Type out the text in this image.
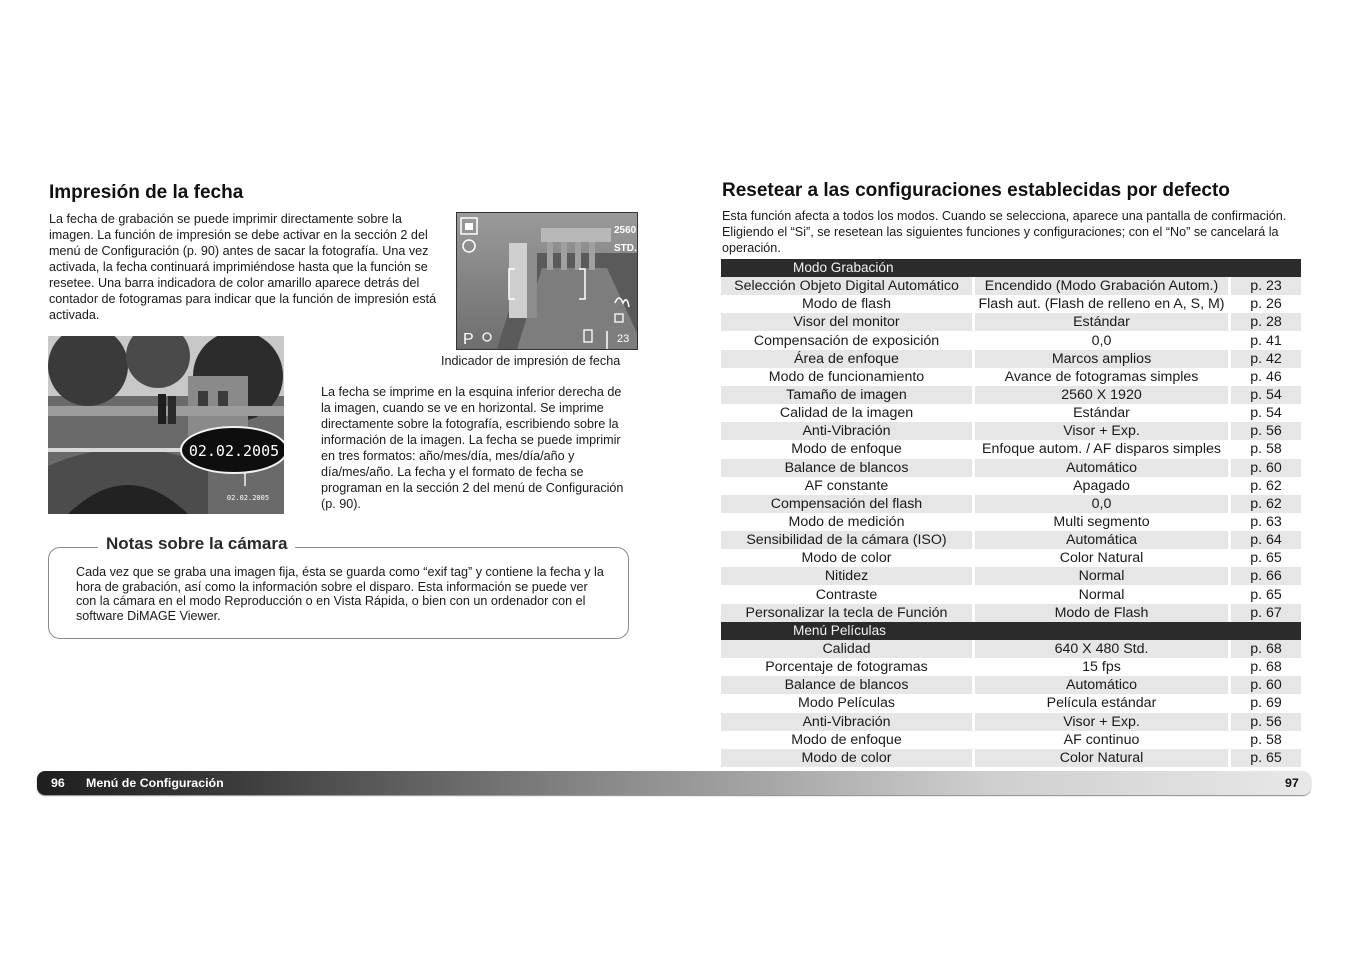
Impresión de la fecha

La fecha de grabación se puede imprimir directamente sobre la imagen. La función de impresión se debe activar en la sección 2 del menú de Configuración (p. 90) antes de sacar la fotografía. Una vez activada, la fecha continuará imprimiéndose hasta que la función se resetee. Una barra indicadora de color amarillo aparece detrás del contador de fotogramas para indicar que la función de impresión está activada.

2560
STD.
P	23
Indicador de impresión de fecha
02.02.2005
02.02.2005

La fecha se imprime en la esquina inferior derecha de la imagen, cuando se ve en horizontal. Se imprime directamente sobre la fotografía, escribiendo sobre la información de la imagen. La fecha se puede imprimir en tres formatos: año/mes/día, mes/día/año y día/mes/año. La fecha y el formato de fecha se programan en la sección 2 del menú de Configuración (p. 90).

Notas sobre la cámara

Cada vez que se graba una imagen fija, ésta se guarda como “exif tag” y contiene la fecha y la hora de grabación, así como la información sobre el disparo. Esta información se puede ver con la cámara en el modo Reproducción o en Vista Rápida, o bien con un ordenador con el software DiMAGE Viewer.

Resetear a las configuraciones establecidas por defecto

Esta función afecta a todos los modos. Cuando se selecciona, aparece una pantalla de confirmación. Eligiendo el “Si”, se resetean las siguientes funciones y configuraciones; con el “No” se cancelará la operación.

Modo Grabación
Selección Objeto Digital Automático	Encendido (Modo Grabación Autom.)	p. 23
Modo de flash	Flash aut. (Flash de relleno en A, S, M)	p. 26
Visor del monitor	Estándar	p. 28
Compensación de exposición	0,0	p. 41
Área de enfoque	Marcos amplios	p. 42
Modo de funcionamiento	Avance de fotogramas simples	p. 46
Tamaño de imagen	2560 X 1920	p. 54
Calidad de la imagen	Estándar	p. 54
Anti-Vibración	Visor + Exp.	p. 56
Modo de enfoque	Enfoque autom. / AF disparos simples	p. 58
Balance de blancos	Automático	p. 60
AF constante	Apagado	p. 62
Compensación del flash	0,0	p. 62
Modo de medición	Multi segmento	p. 63
Sensibilidad de la cámara (ISO)	Automática	p. 64
Modo de color	Color Natural	p. 65
Nitidez	Normal	p. 66
Contraste	Normal	p. 65
Personalizar la tecla de Función	Modo de Flash	p. 67
Menú Películas
Calidad	640 X 480 Std.	p. 68
Porcentaje de fotogramas	15 fps	p. 68
Balance de blancos	Automático	p. 60
Modo Películas	Película estándar	p. 69
Anti-Vibración	Visor + Exp.	p. 56
Modo de enfoque	AF continuo	p. 58
Modo de color	Color Natural	p. 65
96 Menú de Configuración	97
